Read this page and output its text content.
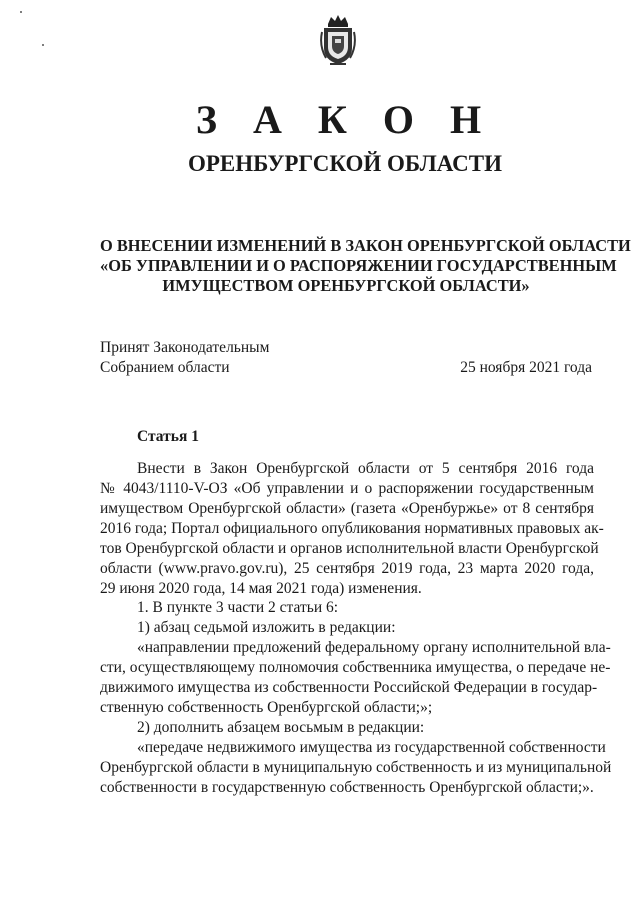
З А К О Н
ОРЕНБУРГСКОЙ ОБЛАСТИ
О ВНЕСЕНИИ ИЗМЕНЕНИЙ В ЗАКОН ОРЕНБУРГСКОЙ ОБЛАСТИ
«ОБ УПРАВЛЕНИИ И О РАСПОРЯЖЕНИИ ГОСУДАРСТВЕННЫМ
ИМУЩЕСТВОМ ОРЕНБУРГСКОЙ ОБЛАСТИ»
Принят Законодательным
Собранием области	25 ноября 2021 года
Статья 1
Внести в Закон Оренбургской области от 5 сентября 2016 года
№ 4043/1110-V-ОЗ «Об управлении и о распоряжении государственным
имуществом Оренбургской области» (газета «Оренбуржье» от 8 сентября
2016 года; Портал официального опубликования нормативных правовых ак-
тов Оренбургской области и органов исполнительной власти Оренбургской
области (www.pravo.gov.ru), 25 сентября 2019 года, 23 марта 2020 года,
29 июня 2020 года, 14 мая 2021 года) изменения.
1. В пункте 3 части 2 статьи 6:
1) абзац седьмой изложить в редакции:
«направлении предложений федеральному органу исполнительной вла-
сти, осуществляющему полномочия собственника имущества, о передаче не-
движимого имущества из собственности Российской Федерации в государ-
ственную собственность Оренбургской области;»;
2) дополнить абзацем восьмым в редакции:
«передаче недвижимого имущества из государственной собственности
Оренбургской области в муниципальную собственность и из муниципальной
собственности в государственную собственность Оренбургской области;».
